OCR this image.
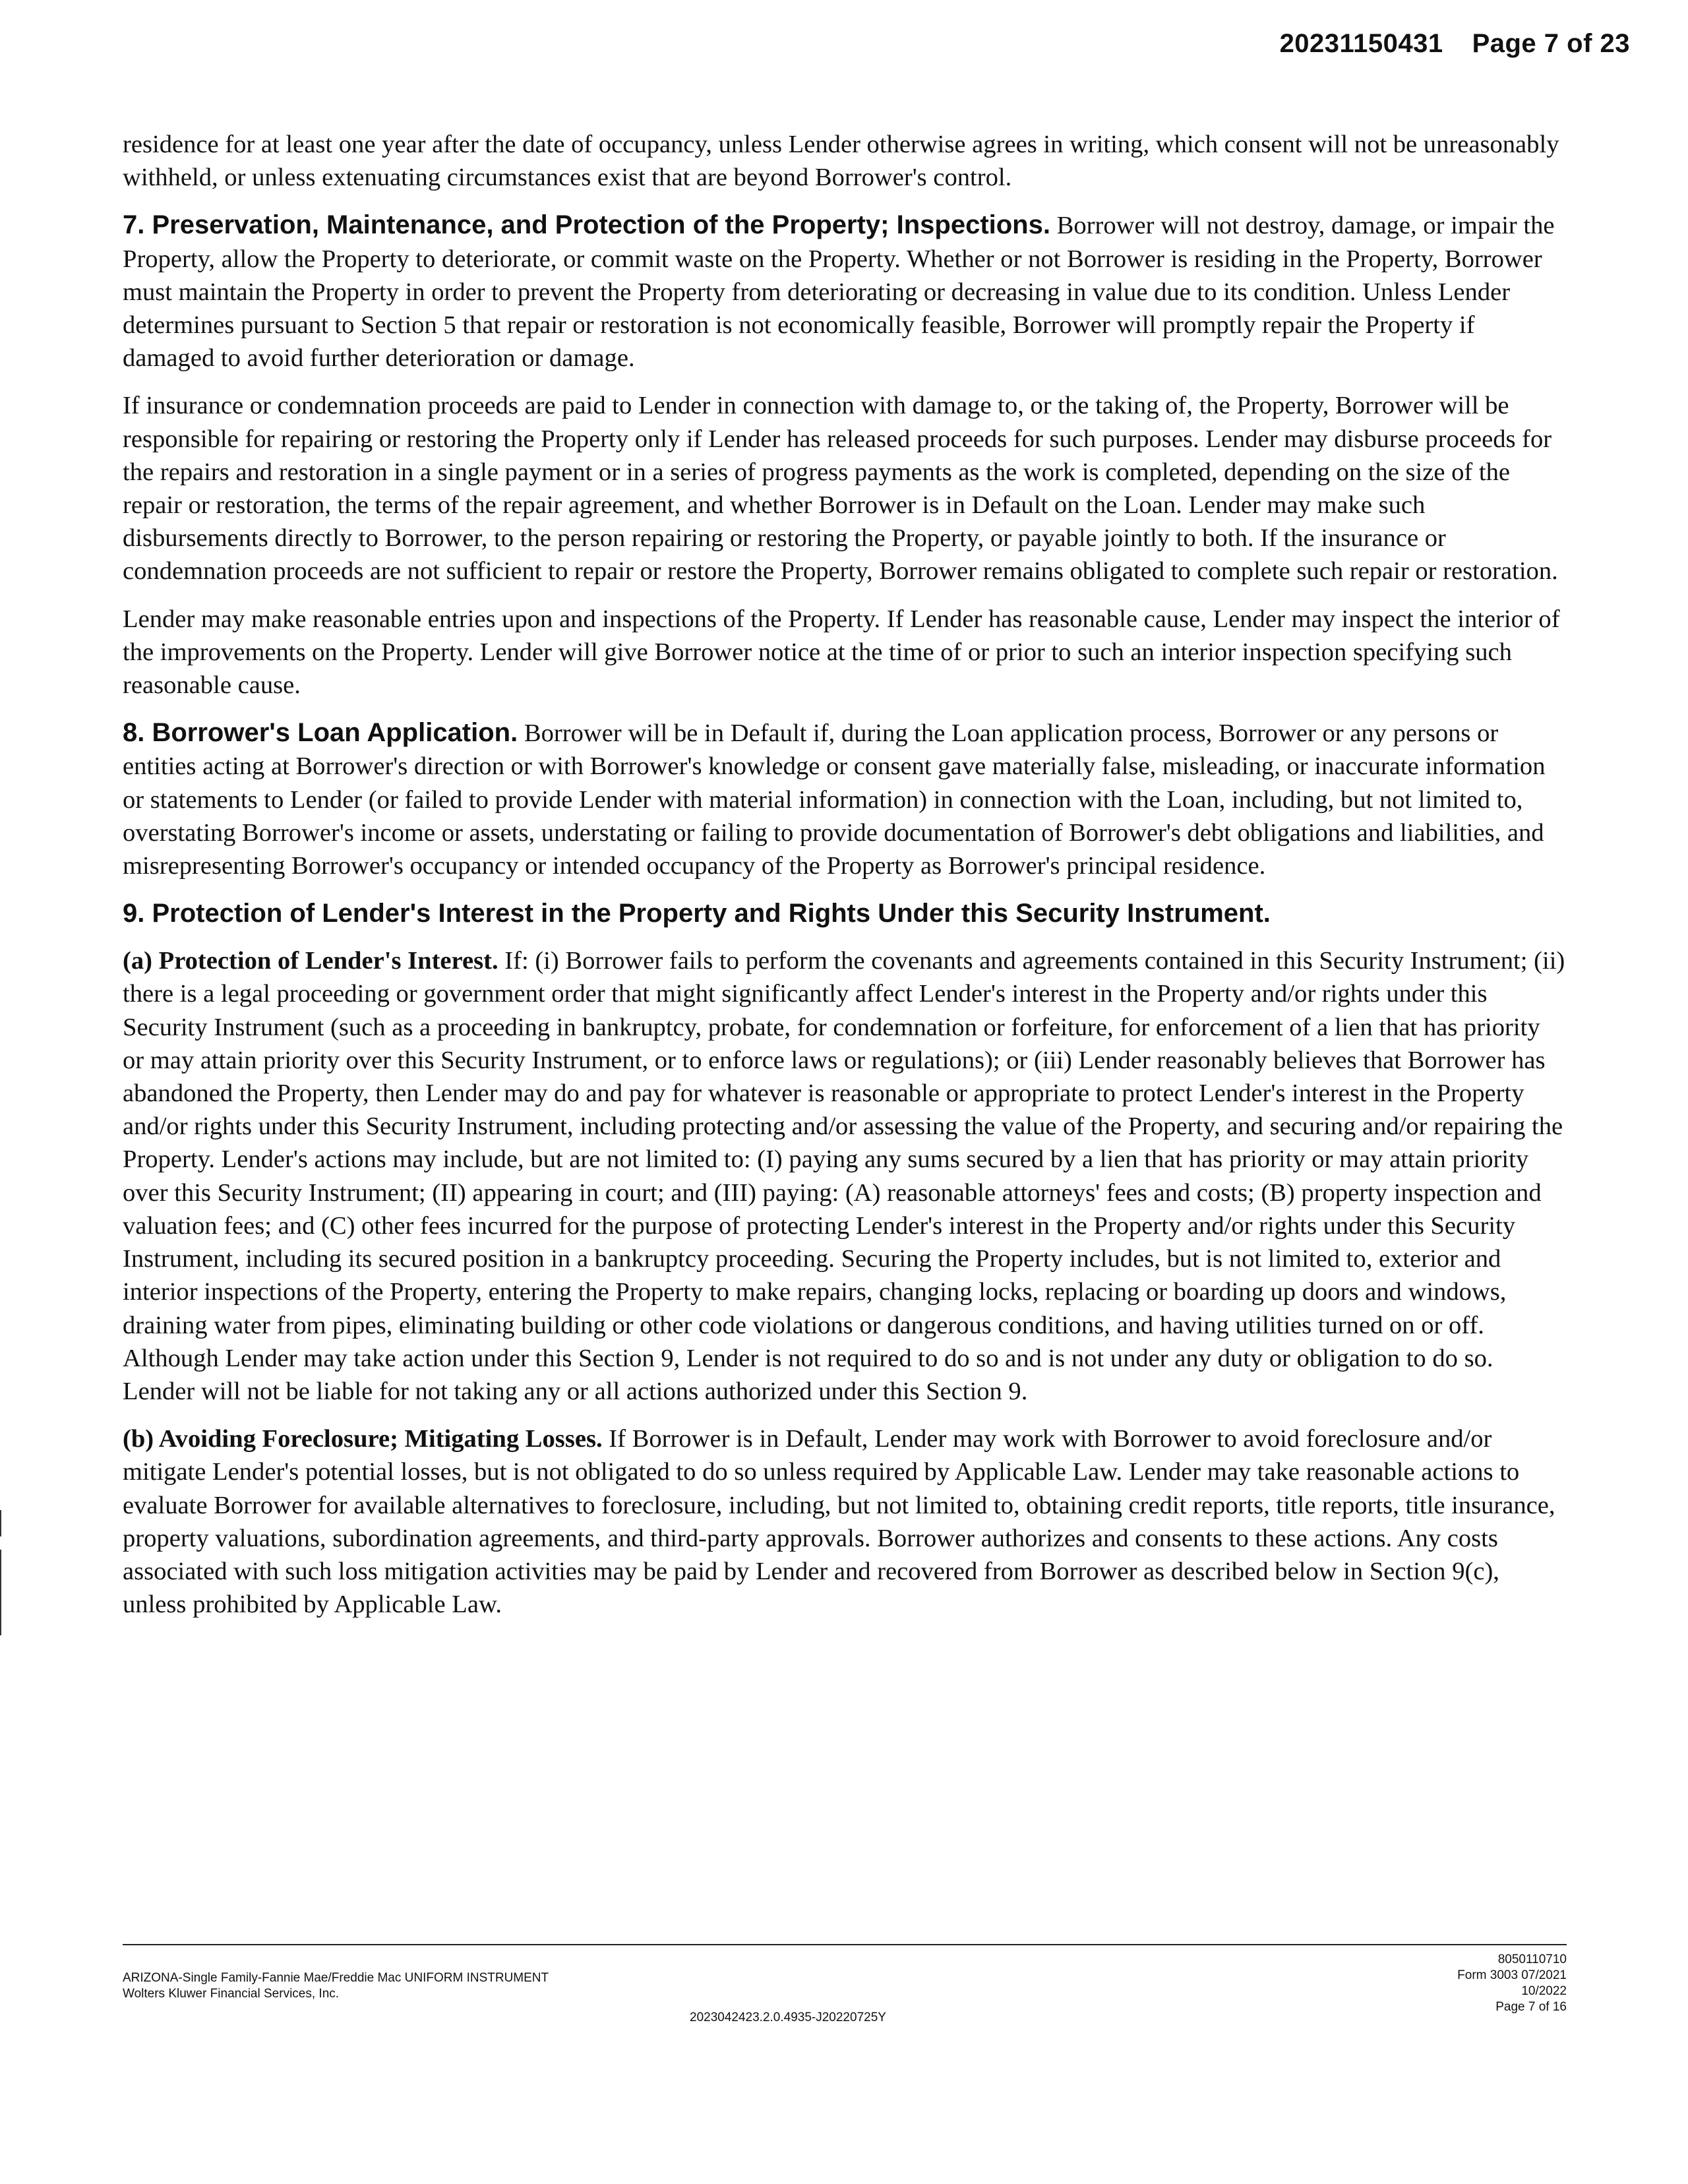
20231150431 Page 7 of 23

residence for at least one year after the date of occupancy, unless Lender otherwise agrees in writing, which consent will not be unreasonably withheld, or unless extenuating circumstances exist that are beyond Borrower's control.

7. Preservation, Maintenance, and Protection of the Property; Inspections. Borrower will not destroy, damage, or impair the Property, allow the Property to deteriorate, or commit waste on the Property. Whether or not Borrower is residing in the Property, Borrower must maintain the Property in order to prevent the Property from deteriorating or decreasing in value due to its condition. Unless Lender determines pursuant to Section 5 that repair or restoration is not economically feasible, Borrower will promptly repair the Property if damaged to avoid further deterioration or damage.

If insurance or condemnation proceeds are paid to Lender in connection with damage to, or the taking of, the Property, Borrower will be responsible for repairing or restoring the Property only if Lender has released proceeds for such purposes. Lender may disburse proceeds for the repairs and restoration in a single payment or in a series of progress payments as the work is completed, depending on the size of the repair or restoration, the terms of the repair agreement, and whether Borrower is in Default on the Loan. Lender may make such disbursements directly to Borrower, to the person repairing or restoring the Property, or payable jointly to both. If the insurance or condemnation proceeds are not sufficient to repair or restore the Property, Borrower remains obligated to complete such repair or restoration.

Lender may make reasonable entries upon and inspections of the Property. If Lender has reasonable cause, Lender may inspect the interior of the improvements on the Property. Lender will give Borrower notice at the time of or prior to such an interior inspection specifying such reasonable cause.

8. Borrower's Loan Application. Borrower will be in Default if, during the Loan application process, Borrower or any persons or entities acting at Borrower's direction or with Borrower's knowledge or consent gave materially false, misleading, or inaccurate information or statements to Lender (or failed to provide Lender with material information) in connection with the Loan, including, but not limited to, overstating Borrower's income or assets, understating or failing to provide documentation of Borrower's debt obligations and liabilities, and misrepresenting Borrower's occupancy or intended occupancy of the Property as Borrower's principal residence.

9. Protection of Lender's Interest in the Property and Rights Under this Security Instrument.

(a) Protection of Lender's Interest. If: (i) Borrower fails to perform the covenants and agreements contained in this Security Instrument; (ii) there is a legal proceeding or government order that might significantly affect Lender's interest in the Property and/or rights under this Security Instrument (such as a proceeding in bankruptcy, probate, for condemnation or forfeiture, for enforcement of a lien that has priority or may attain priority over this Security Instrument, or to enforce laws or regulations); or (iii) Lender reasonably believes that Borrower has abandoned the Property, then Lender may do and pay for whatever is reasonable or appropriate to protect Lender's interest in the Property and/or rights under this Security Instrument, including protecting and/or assessing the value of the Property, and securing and/or repairing the Property. Lender's actions may include, but are not limited to: (I) paying any sums secured by a lien that has priority or may attain priority over this Security Instrument; (II) appearing in court; and (III) paying: (A) reasonable attorneys' fees and costs; (B) property inspection and valuation fees; and (C) other fees incurred for the purpose of protecting Lender's interest in the Property and/or rights under this Security Instrument, including its secured position in a bankruptcy proceeding. Securing the Property includes, but is not limited to, exterior and interior inspections of the Property, entering the Property to make repairs, changing locks, replacing or boarding up doors and windows, draining water from pipes, eliminating building or other code violations or dangerous conditions, and having utilities turned on or off. Although Lender may take action under this Section 9, Lender is not required to do so and is not under any duty or obligation to do so. Lender will not be liable for not taking any or all actions authorized under this Section 9.

(b) Avoiding Foreclosure; Mitigating Losses. If Borrower is in Default, Lender may work with Borrower to avoid foreclosure and/or mitigate Lender's potential losses, but is not obligated to do so unless required by Applicable Law. Lender may take reasonable actions to evaluate Borrower for available alternatives to foreclosure, including, but not limited to, obtaining credit reports, title reports, title insurance, property valuations, subordination agreements, and third-party approvals. Borrower authorizes and consents to these actions. Any costs associated with such loss mitigation activities may be paid by Lender and recovered from Borrower as described below in Section 9(c), unless prohibited by Applicable Law.

ARIZONA-Single Family-Fannie Mae/Freddie Mac UNIFORM INSTRUMENT
Wolters Kluwer Financial Services, Inc.
2023042423.2.0.4935-J20220725Y
8050110710
Form 3003 07/2021
10/2022
Page 7 of 16
